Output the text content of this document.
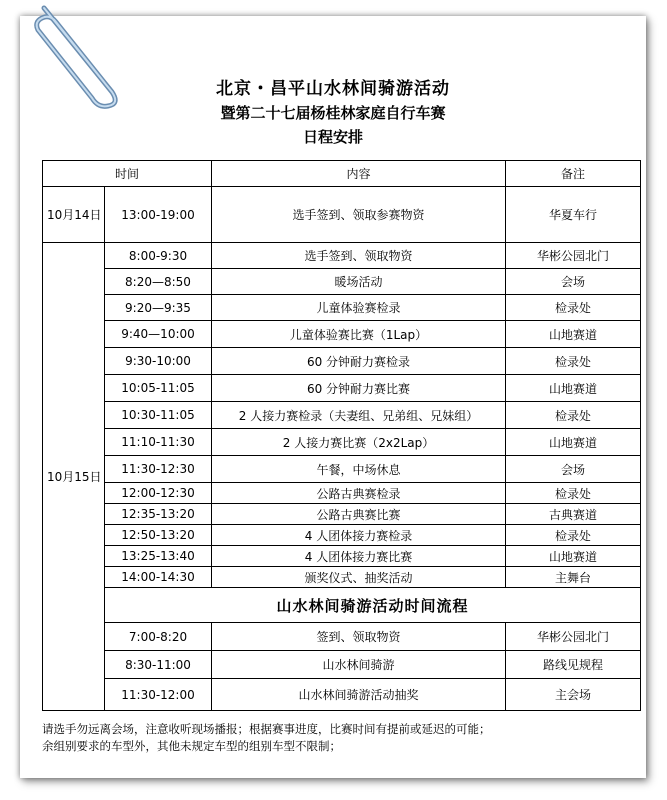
北京・昌平山水林间骑游活动
暨第二十七届杨桂林家庭自行车赛
日程安排
时间		内容	备注
10月14日	13:00-19:00	选手签到、领取参赛物资	华夏车行
10月15日	8:00-9:30	选手签到、领取物资	华彬公园北门
	8:20—8:50	暖场活动	会场
	9:20—9:35	儿童体验赛检录	检录处
	9:40—10:00	儿童体验赛比赛（1Lap）	山地赛道
	9:30-10:00	60 分钟耐力赛检录	检录处
	10:05-11:05	60 分钟耐力赛比赛	山地赛道
	10:30-11:05	2 人接力赛检录（夫妻组、兄弟组、兄妹组）	检录处
	11:10-11:30	2 人接力赛比赛（2x2Lap）	山地赛道
	11:30-12:30	午餐，中场休息	会场
	12:00-12:30	公路古典赛检录	检录处
	12:35-13:20	公路古典赛比赛	古典赛道
	12:50-13:20	4 人团体接力赛检录	检录处
	13:25-13:40	4 人团体接力赛比赛	山地赛道
	14:00-14:30	颁奖仪式、抽奖活动	主舞台
	山水林间骑游活动时间流程		
	7:00-8:20	签到、领取物资	华彬公园北门
	8:30-11:00	山水林间骑游	路线见规程
	11:30-12:00	山水林间骑游活动抽奖	主会场
请选手勿远离会场，注意收听现场播报；根据赛事进度，比赛时间有提前或延迟的可能；
余组别要求的车型外，其他未规定车型的组别车型不限制；
